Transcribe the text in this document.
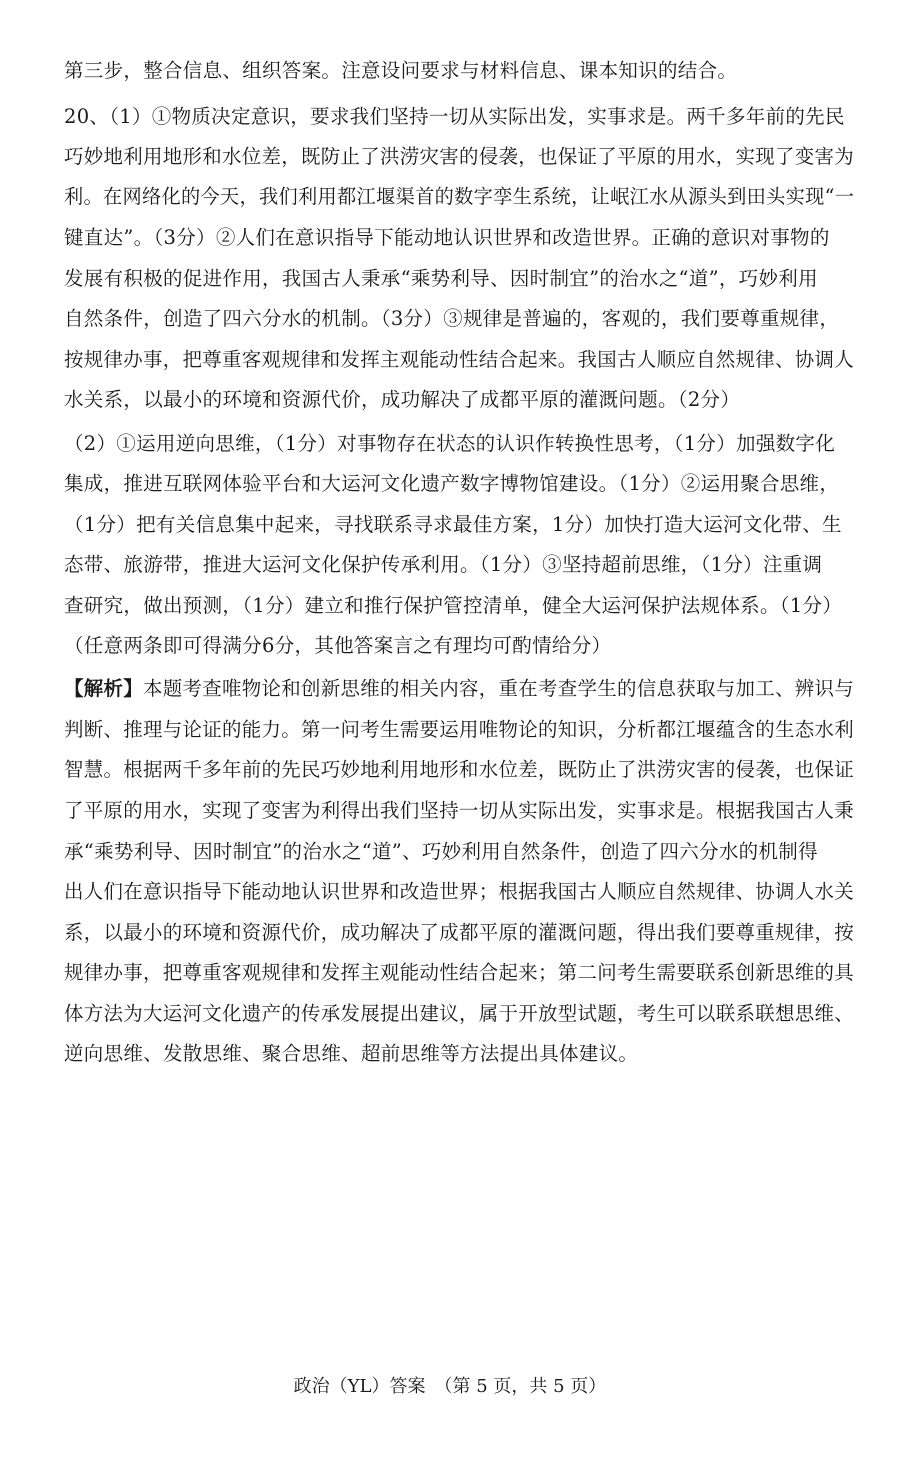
第三步，整合信息、组织答案。注意设问要求与材料信息、课本知识的结合。
20、（1）①物质决定意识，要求我们坚持一切从实际出发，实事求是。两千多年前的先民
巧妙地利用地形和水位差，既防止了洪涝灾害的侵袭，也保证了平原的用水，实现了变害为
利。在网络化的今天，我们利用都江堰渠首的数字孪生系统，让岷江水从源头到田头实现“一
键直达”。（3分）②人们在意识指导下能动地认识世界和改造世界。正确的意识对事物的
发展有积极的促进作用，我国古人秉承“乘势利导、因时制宜”的治水之“道”，巧妙利用
自然条件，创造了四六分水的机制。（3分）③规律是普遍的，客观的，我们要尊重规律，
按规律办事，把尊重客观规律和发挥主观能动性结合起来。我国古人顺应自然规律、协调人
水关系，以最小的环境和资源代价，成功解决了成都平原的灌溉问题。（2分）
（2）①运用逆向思维，（1分）对事物存在状态的认识作转换性思考，（1分）加强数字化
集成，推进互联网体验平台和大运河文化遗产数字博物馆建设。（1分）②运用聚合思维，
（1分）把有关信息集中起来，寻找联系寻求最佳方案，1分）加快打造大运河文化带、生
态带、旅游带，推进大运河文化保护传承利用。（1分）③坚持超前思维，（1分）注重调
查研究，做出预测，（1分）建立和推行保护管控清单，健全大运河保护法规体系。（1分）
（任意两条即可得满分6分，其他答案言之有理均可酌情给分）
【解析】本题考查唯物论和创新思维的相关内容，重在考查学生的信息获取与加工、辨识与
判断、推理与论证的能力。第一问考生需要运用唯物论的知识，分析都江堰蕴含的生态水利
智慧。根据两千多年前的先民巧妙地利用地形和水位差，既防止了洪涝灾害的侵袭，也保证
了平原的用水，实现了变害为利得出我们坚持一切从实际出发，实事求是。根据我国古人秉
承“乘势利导、因时制宜”的治水之“道”、巧妙利用自然条件，创造了四六分水的机制得
出人们在意识指导下能动地认识世界和改造世界；根据我国古人顺应自然规律、协调人水关
系，以最小的环境和资源代价，成功解决了成都平原的灌溉问题，得出我们要尊重规律，按
规律办事，把尊重客观规律和发挥主观能动性结合起来；第二问考生需要联系创新思维的具
体方法为大运河文化遗产的传承发展提出建议，属于开放型试题，考生可以联系联想思维、
逆向思维、发散思维、聚合思维、超前思维等方法提出具体建议。
政治（YL）答案　（第 5 页，共 5 页）
